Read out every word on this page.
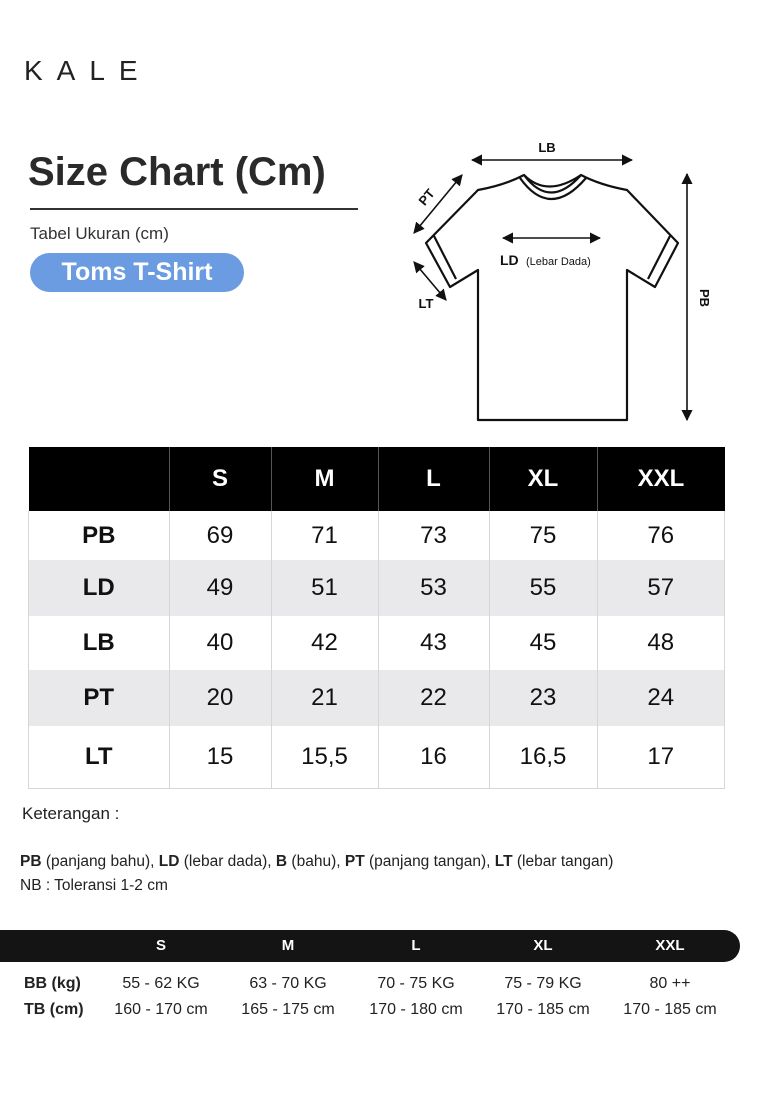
KALE
Size Chart (Cm)
Tabel Ukuran (cm)
Toms T-Shirt
LB
PT
LT
LD (Lebar Dada)
PB
	S	M	L	XL	XXL
PB	69	71	73	75	76
LD	49	51	53	55	57
LB	40	42	43	45	48
PT	20	21	22	23	24
LT	15	15,5	16	16,5	17
Keterangan :
PB (panjang bahu), LD (lebar dada), B (bahu), PT (panjang tangan), LT (lebar tangan)
NB : Toleransi 1-2 cm
S	M	L	XL	XXL
BB (kg)	55 - 62 KG	63 - 70 KG	70 - 75 KG	75 - 79 KG	80 ++
TB (cm)	160 - 170 cm	165 - 175 cm	170 - 180 cm	170 - 185 cm	170 - 185 cm
